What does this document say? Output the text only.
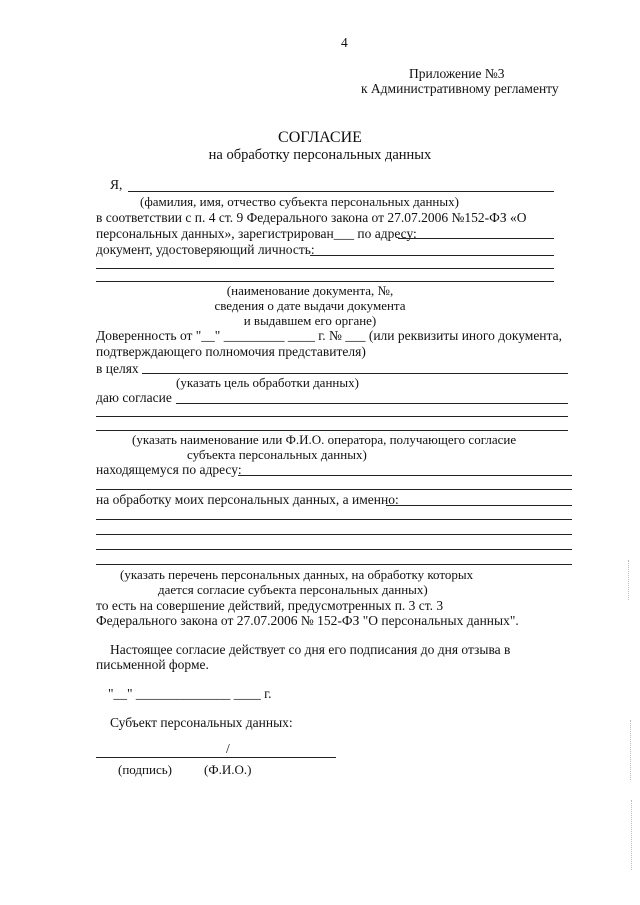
4
Приложение №3
к Административному регламенту
СОГЛАСИЕ
на обработку персональных данных
Я,
(фамилия, имя, отчество субъекта персональных данных)
в соответствии с п. 4 ст. 9 Федерального закона от 27.07.2006 №152-ФЗ «О
персональных данных», зарегистрирован___ по адресу:
документ, удостоверяющий личность:
(наименование документа, №,
сведения о дате выдачи документа
и выдавшем его органе)
Доверенность от "__" _________ ____ г. № ___ (или реквизиты иного документа,
подтверждающего полномочия представителя)
в целях
(указать цель обработки данных)
даю согласие
(указать наименование или Ф.И.О. оператора, получающего согласие
субъекта персональных данных)
находящемуся по адресу:
на обработку моих персональных данных, а именно:
(указать перечень персональных данных, на обработку которых
дается согласие субъекта персональных данных)
то есть на совершение действий, предусмотренных п. 3 ст. 3
Федерального закона от 27.07.2006 № 152-ФЗ "О персональных данных".
Настоящее согласие действует со дня его подписания до дня отзыва в
письменной форме.
"__" ______________ ____ г.
Субъект персональных данных:
/
(подпись) (Ф.И.О.)
